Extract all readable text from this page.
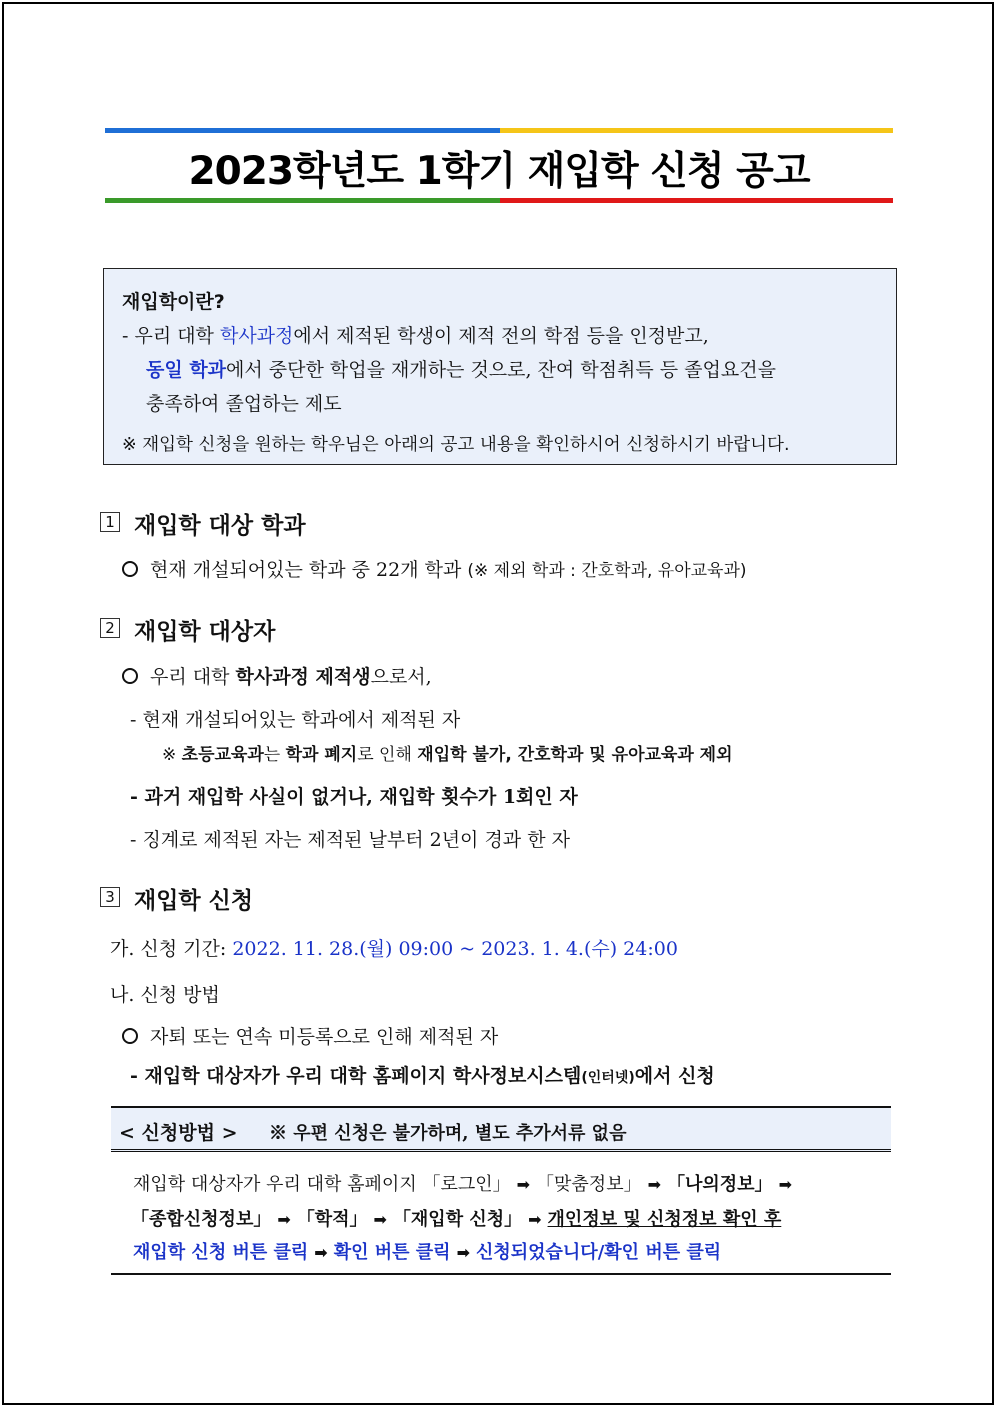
2023학년도 1학기 재입학 신청 공고
재입학이란?
- 우리 대학 학사과정에서 제적된 학생이 제적 전의 학점 등을 인정받고,
동일 학과에서 중단한 학업을 재개하는 것으로, 잔여 학점취득 등 졸업요건을
충족하여 졸업하는 제도
※ 재입학 신청을 원하는 학우님은 아래의 공고 내용을 확인하시어 신청하시기 바랍니다.
1 재입학 대상 학과
현재 개설되어있는 학과 중 22개 학과 (※ 제외 학과 : 간호학과, 유아교육과)
2 재입학 대상자
우리 대학 학사과정 제적생으로서,
- 현재 개설되어있는 학과에서 제적된 자
※ 초등교육과는 학과 폐지로 인해 재입학 불가, 간호학과 및 유아교육과 제외
- 과거 재입학 사실이 없거나, 재입학 횟수가 1회인 자
- 징계로 제적된 자는 제적된 날부터 2년이 경과 한 자
3 재입학 신청
가. 신청 기간: 2022. 11. 28.(월) 09:00 ~ 2023. 1. 4.(수) 24:00
나. 신청 방법
자퇴 또는 연속 미등록으로 인해 제적된 자
- 재입학 대상자가 우리 대학 홈페이지 학사정보시스템(인터넷)에서 신청
< 신청방법 > ※ 우편 신청은 불가하며, 별도 추가서류 없음
재입학 대상자가 우리 대학 홈페이지 「로그인」 ➡ 「맞춤정보」 ➡ 「나의정보」 ➡
「종합신청정보」 ➡ 「학적」 ➡ 「재입학 신청」 ➡ 개인정보 및 신청정보 확인 후
재입학 신청 버튼 클릭 ➡ 확인 버튼 클릭 ➡ 신청되었습니다/확인 버튼 클릭
